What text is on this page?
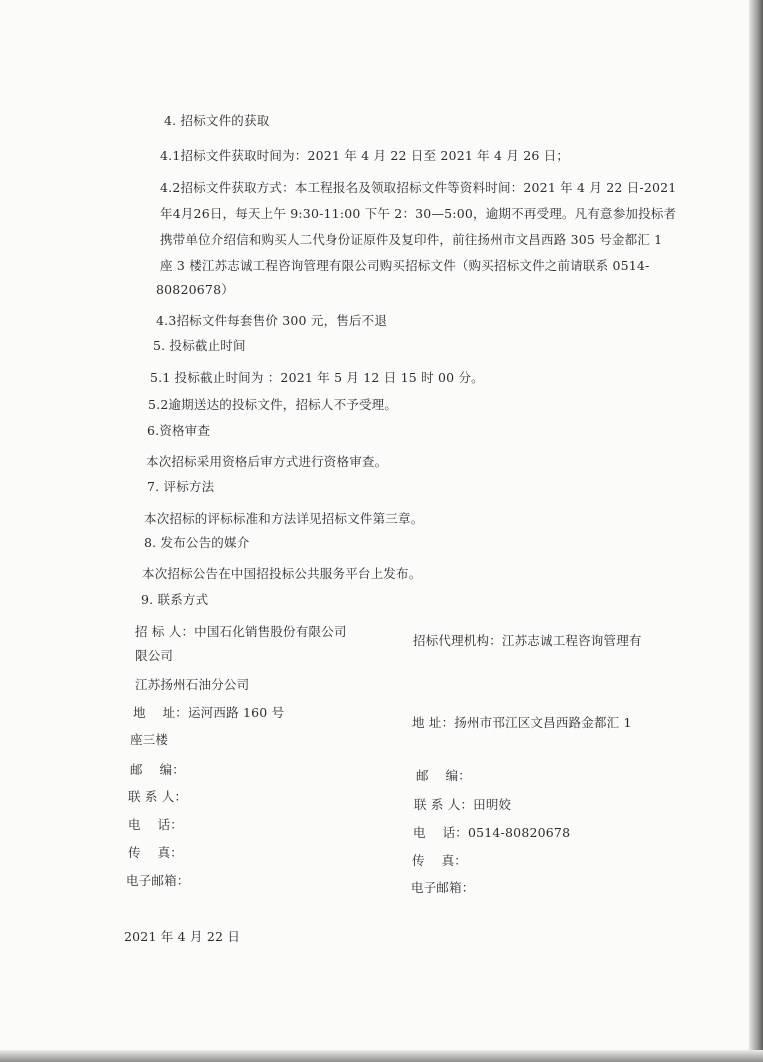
4. 招标文件的获取
4.1招标文件获取时间为：2021 年 4 月 22 日至 2021 年 4 月 26 日；
4.2招标文件获取方式：本工程报名及领取招标文件等资料时间：2021 年 4 月 22 日-2021
年4月26日，每天上午 9:30-11:00 下午 2：30—5:00，逾期不再受理。凡有意参加投标者
携带单位介绍信和购买人二代身份证原件及复印件，前往扬州市文昌西路 305 号金都汇 1
座 3 楼江苏志诚工程咨询管理有限公司购买招标文件（购买招标文件之前请联系 0514-
80820678）
4.3招标文件每套售价 300 元，售后不退
5. 投标截止时间
5.1 投标截止时间为 ：2021 年 5 月 12 日 15 时 00 分。
5.2逾期送达的投标文件，招标人不予受理。
6.资格审查
本次招标采用资格后审方式进行资格审查。
7. 评标方法
本次招标的评标标准和方法详见招标文件第三章。
8. 发布公告的媒介
本次招标公告在中国招投标公共服务平台上发布。
9. 联系方式
招 标 人：中国石化销售股份有限公司
限公司
江苏扬州石油分公司
地　 址：运河西路 160 号
座三楼
邮　 编：
联 系 人：
电　 话：
传　 真：
电子邮箱：
招标代理机构：江苏志诚工程咨询管理有
地 址：扬州市邗江区文昌西路金都汇 1
邮　 编：
联 系 人：田明姣
电　 话：0514-80820678
传　 真：
电子邮箱：
2021 年 4 月 22 日
